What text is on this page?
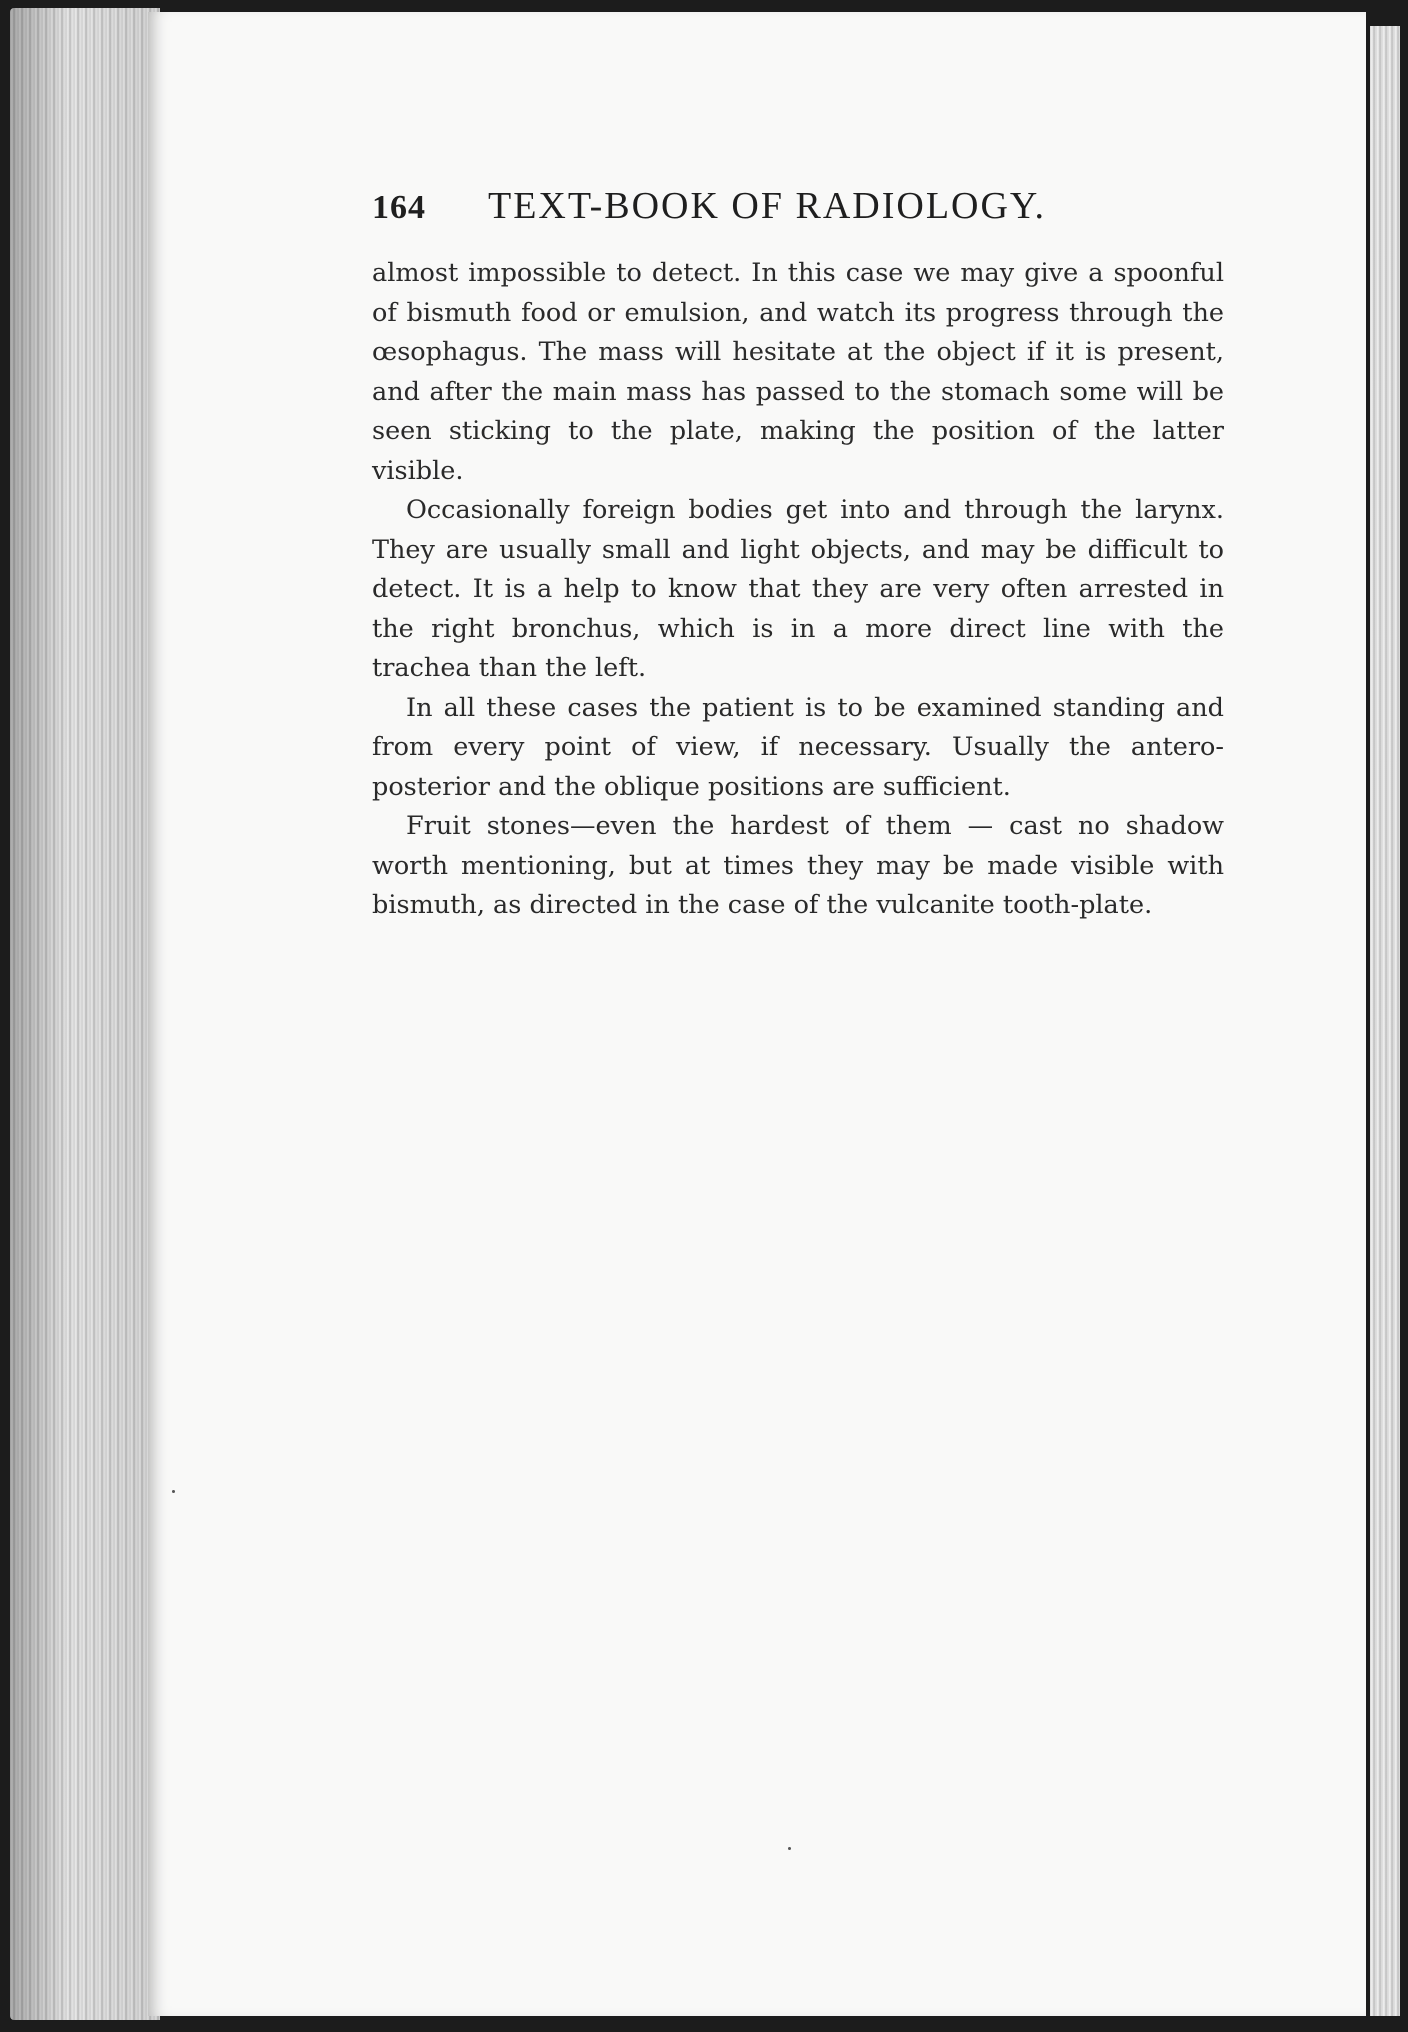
164	TEXT-BOOK OF RADIOLOGY.

almost impossible to detect. In this case we may give a spoonful of bismuth food or emulsion, and watch its progress through the œsophagus. The mass will hesitate at the object if it is present, and after the main mass has passed to the stomach some will be seen sticking to the plate, making the position of the latter visible.

Occasionally foreign bodies get into and through the larynx. They are usually small and light objects, and may be difficult to detect. It is a help to know that they are very often arrested in the right bronchus, which is in a more direct line with the trachea than the left.

In all these cases the patient is to be examined standing and from every point of view, if necessary. Usually the antero-posterior and the oblique positions are sufficient.

Fruit stones—even the hardest of them — cast no shadow worth mentioning, but at times they may be made visible with bismuth, as directed in the case of the vulcanite tooth-plate.
